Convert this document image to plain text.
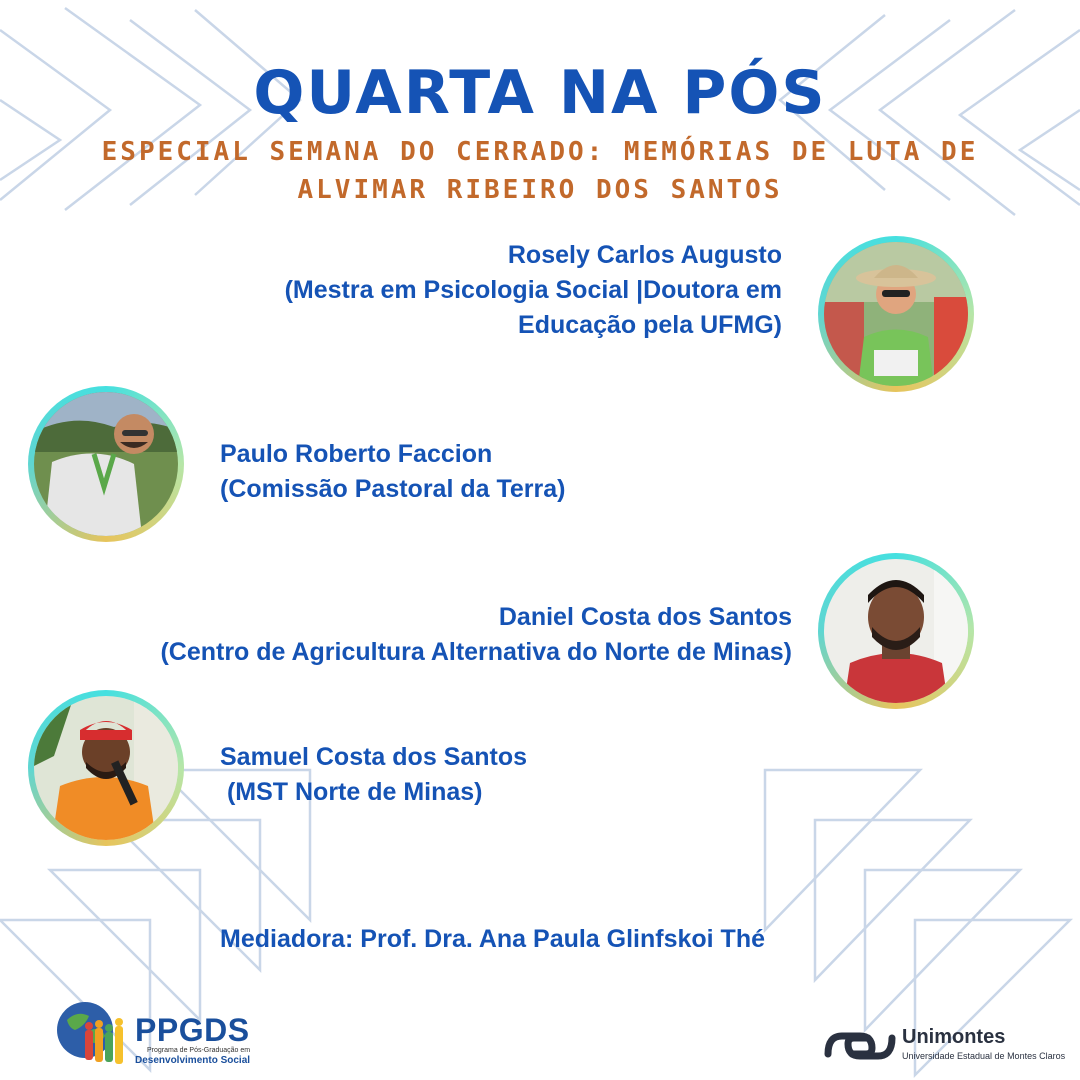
QUARTA NA PÓS
ESPECIAL SEMANA DO CERRADO: MEMÓRIAS DE LUTA DE
ALVIMAR RIBEIRO DOS SANTOS
Rosely Carlos Augusto
(Mestra em Psicologia Social |Doutora em
Educação pela UFMG)
Paulo Roberto Faccion
(Comissão Pastoral da Terra)
Daniel Costa dos Santos
(Centro de Agricultura Alternativa do Norte de Minas)
Samuel Costa dos Santos
(MST Norte de Minas)
Mediadora: Prof. Dra. Ana Paula Glinfskoi Thé
PPGDS
Programa de Pós-Graduação em
Desenvolvimento Social
Unimontes
Universidade Estadual de Montes Claros
